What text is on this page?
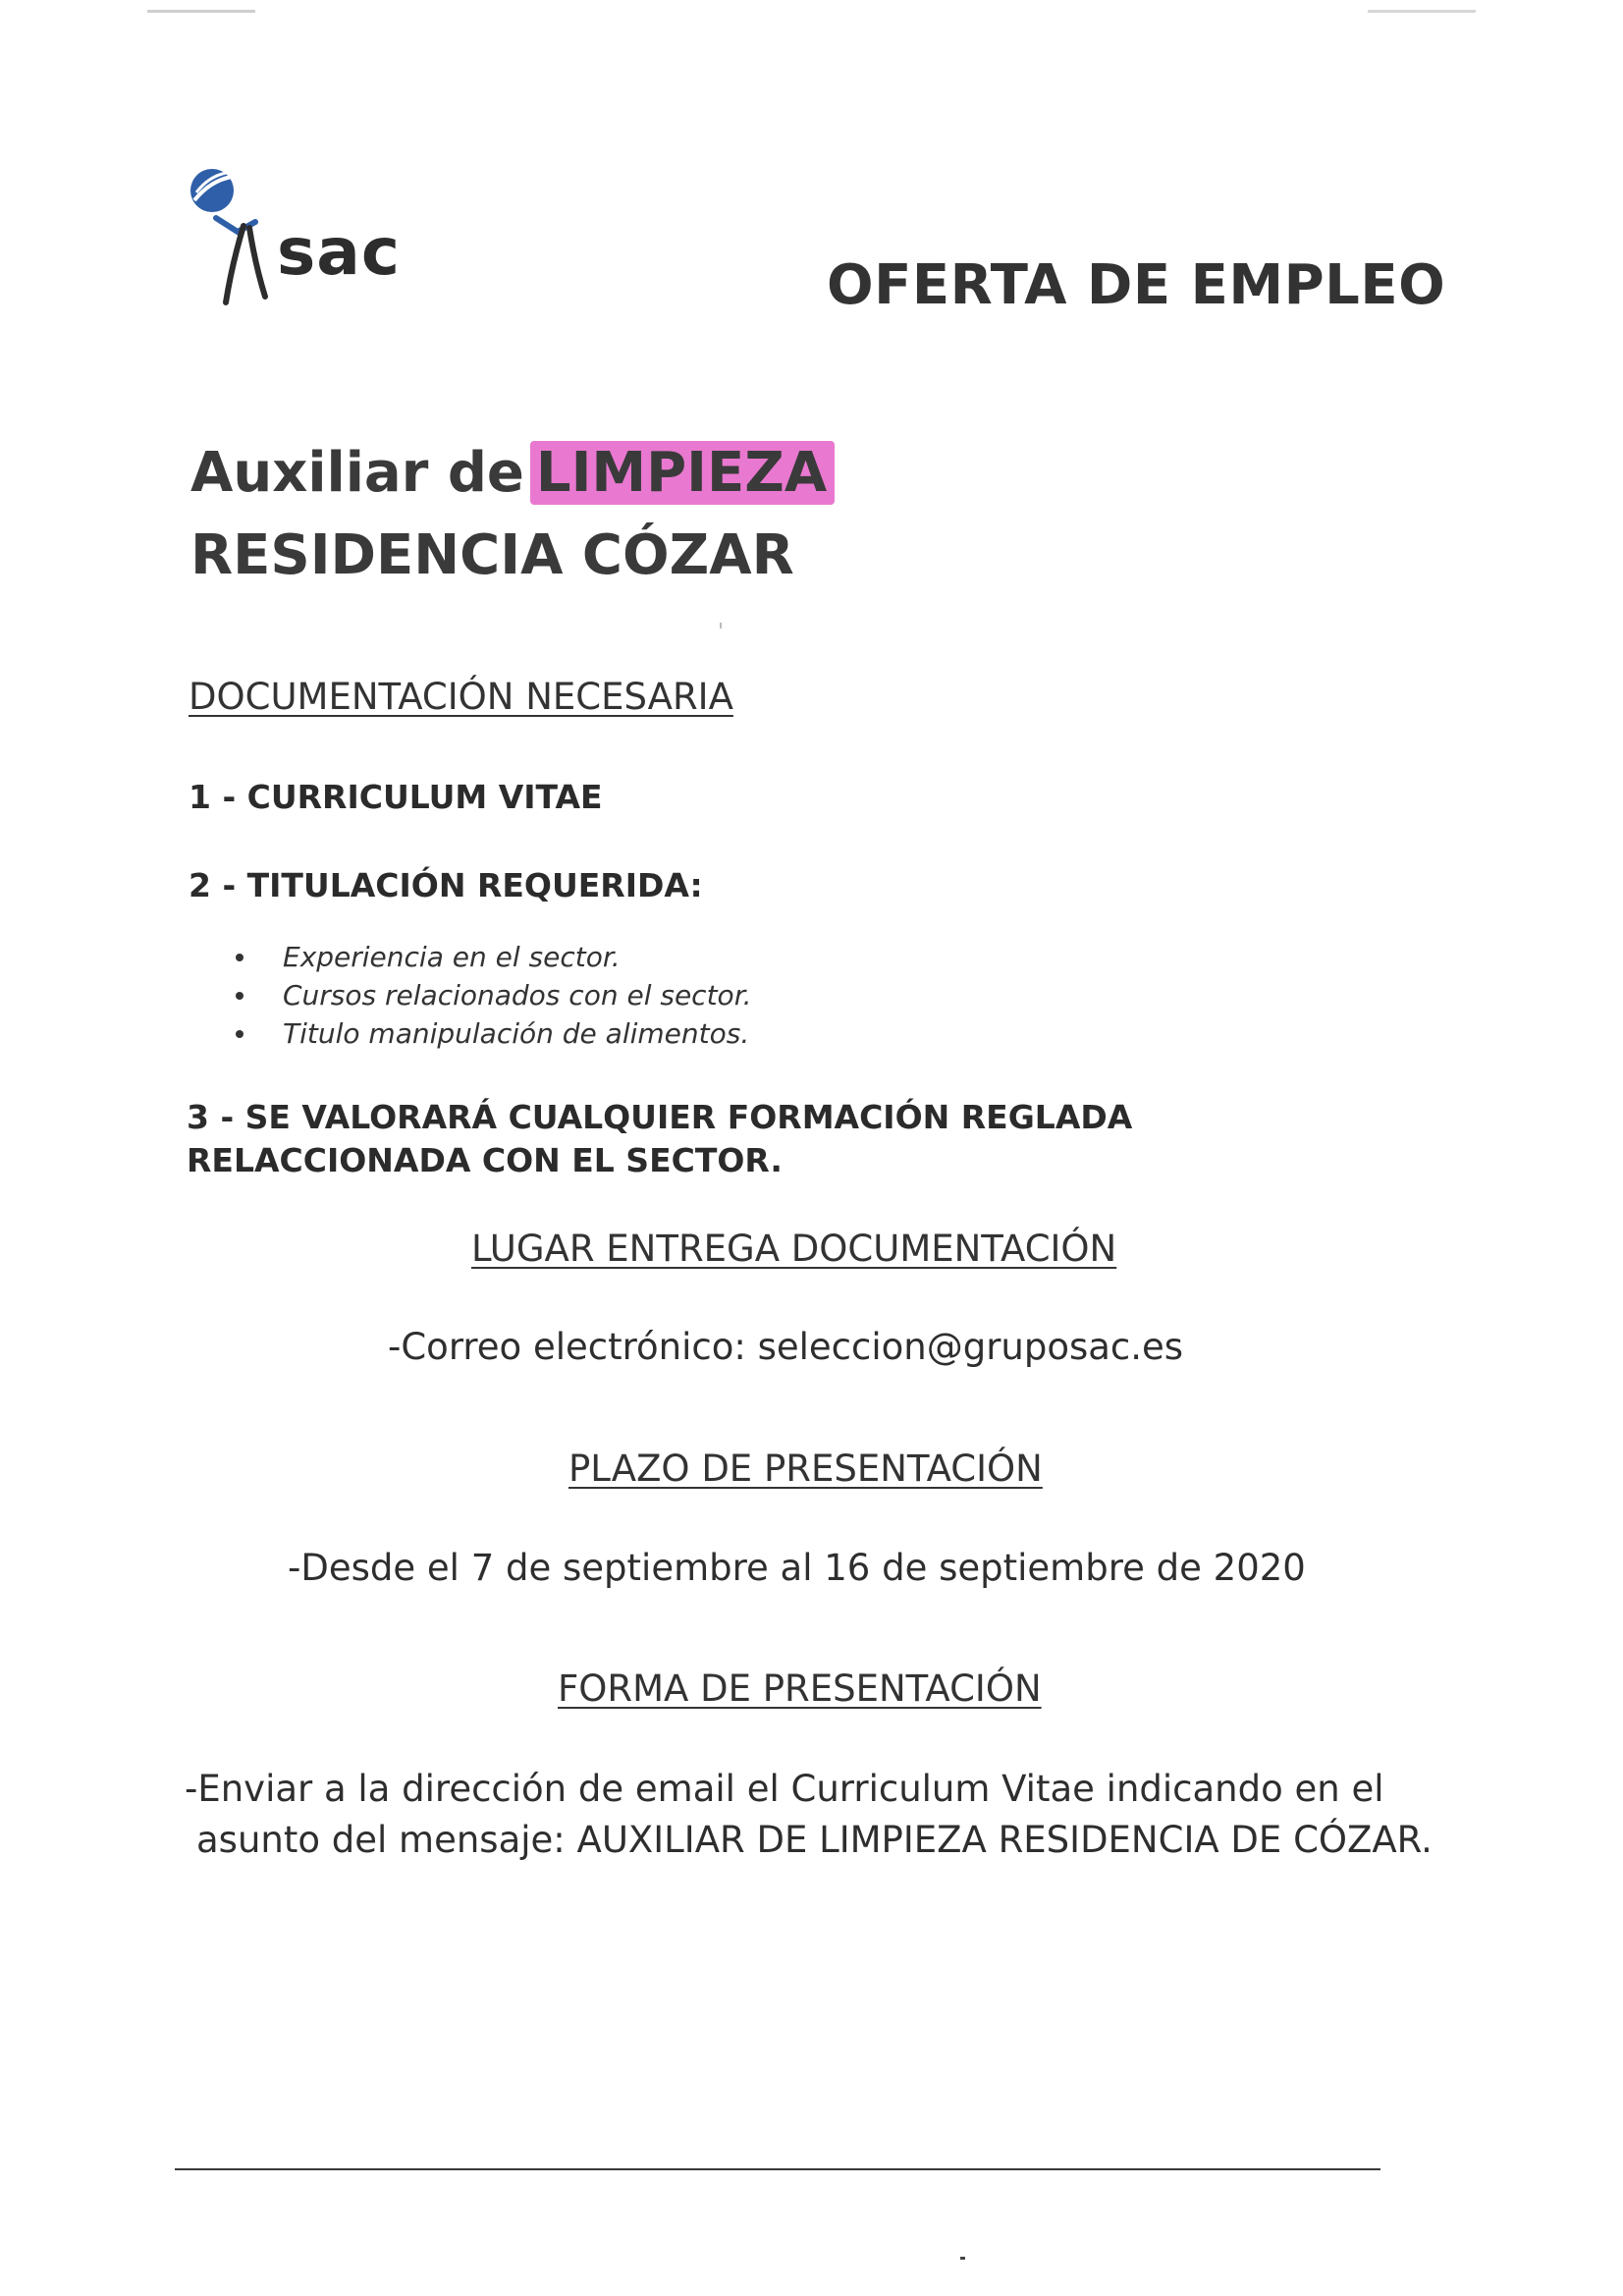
sac	OFERTA DE EMPLEO
Auxiliar de LIMPIEZA
RESIDENCIA CÓZAR
DOCUMENTACIÓN NECESARIA
1 - CURRICULUM VITAE
2 - TITULACIÓN REQUERIDA:
Experiencia en el sector.
Cursos relacionados con el sector.
Titulo manipulación de alimentos.
3 - SE VALORARÁ CUALQUIER FORMACIÓN REGLADA RELACCIONADA CON EL SECTOR.
LUGAR ENTREGA DOCUMENTACIÓN
-Correo electrónico: seleccion@gruposac.es
PLAZO DE PRESENTACIÓN
-Desde el 7 de septiembre al 16 de septiembre de 2020
FORMA DE PRESENTACIÓN
-Enviar a la dirección de email el Curriculum Vitae indicando en el
asunto del mensaje: AUXILIAR DE LIMPIEZA RESIDENCIA DE CÓZAR.
